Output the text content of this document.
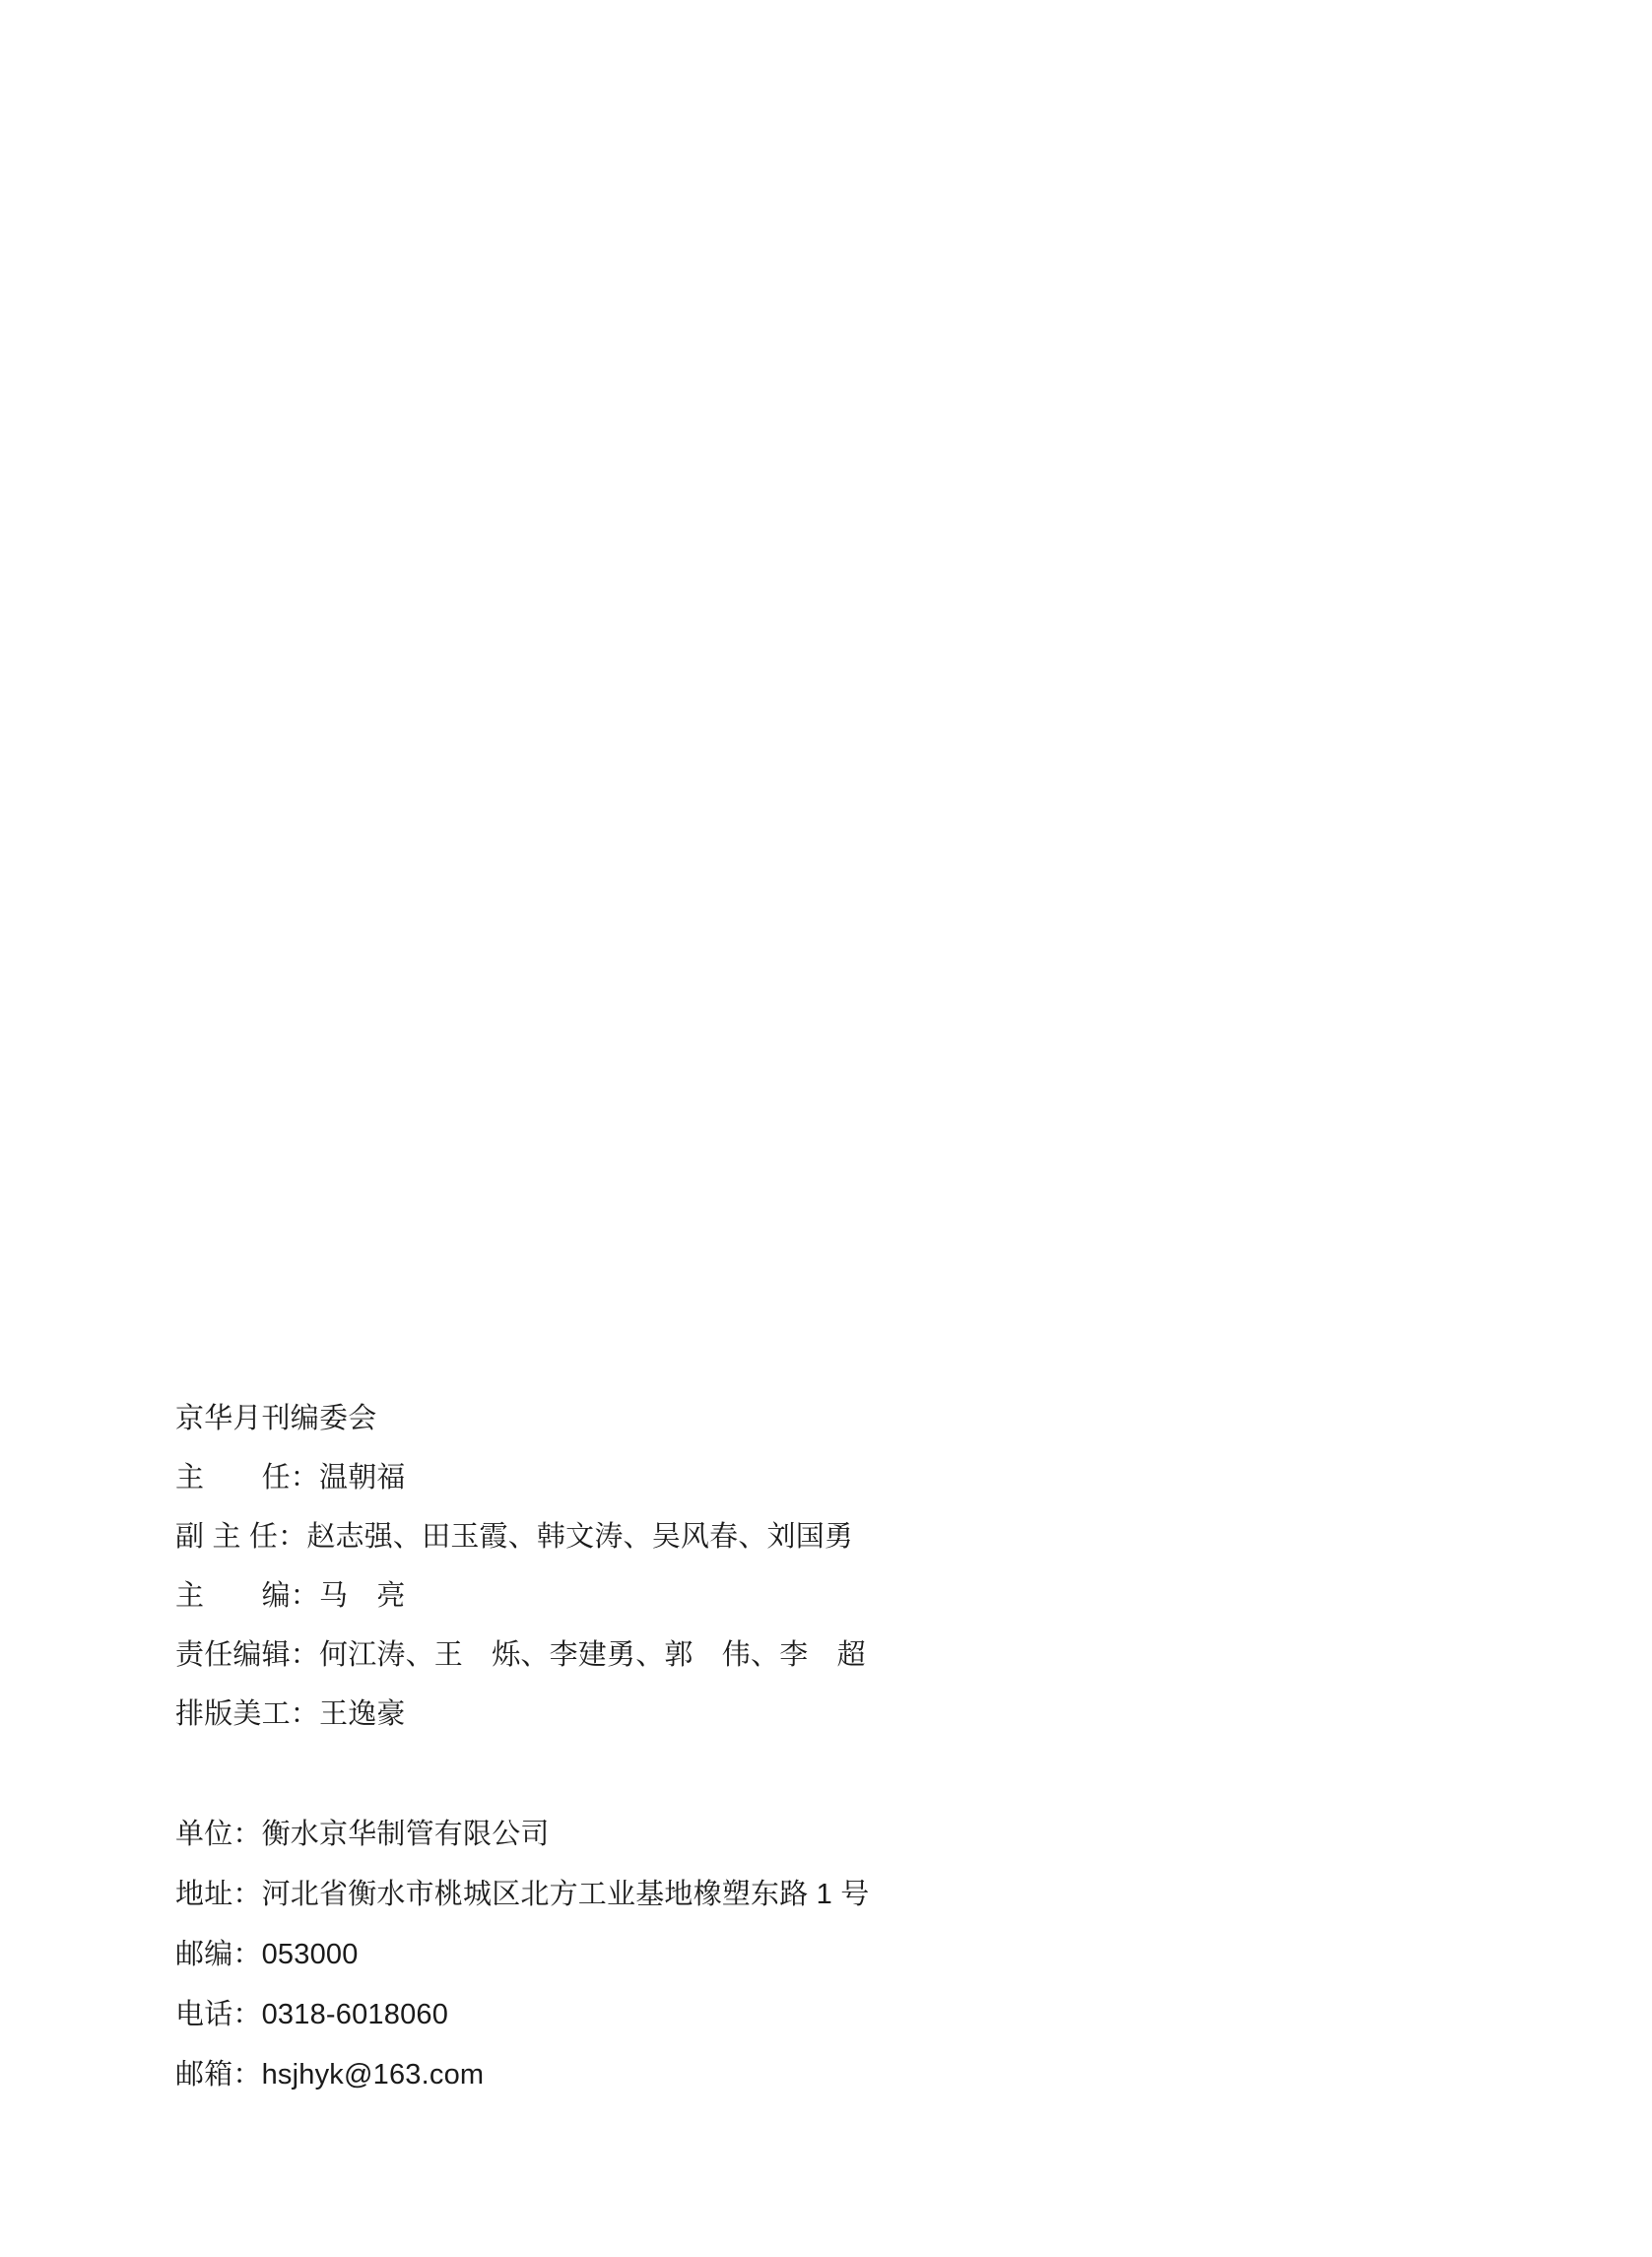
京华月刊编委会
主　　任：温朝福
副 主 任：赵志强、田玉霞、韩文涛、吴风春、刘国勇
主　　编：马　亮
责任编辑：何江涛、王　烁、李建勇、郭　伟、李　超
排版美工：王逸豪
单位：衡水京华制管有限公司
地址：河北省衡水市桃城区北方工业基地橡塑东路 1 号
邮编：053000
电话：0318-6018060
邮箱：hsjhyk@163.com
